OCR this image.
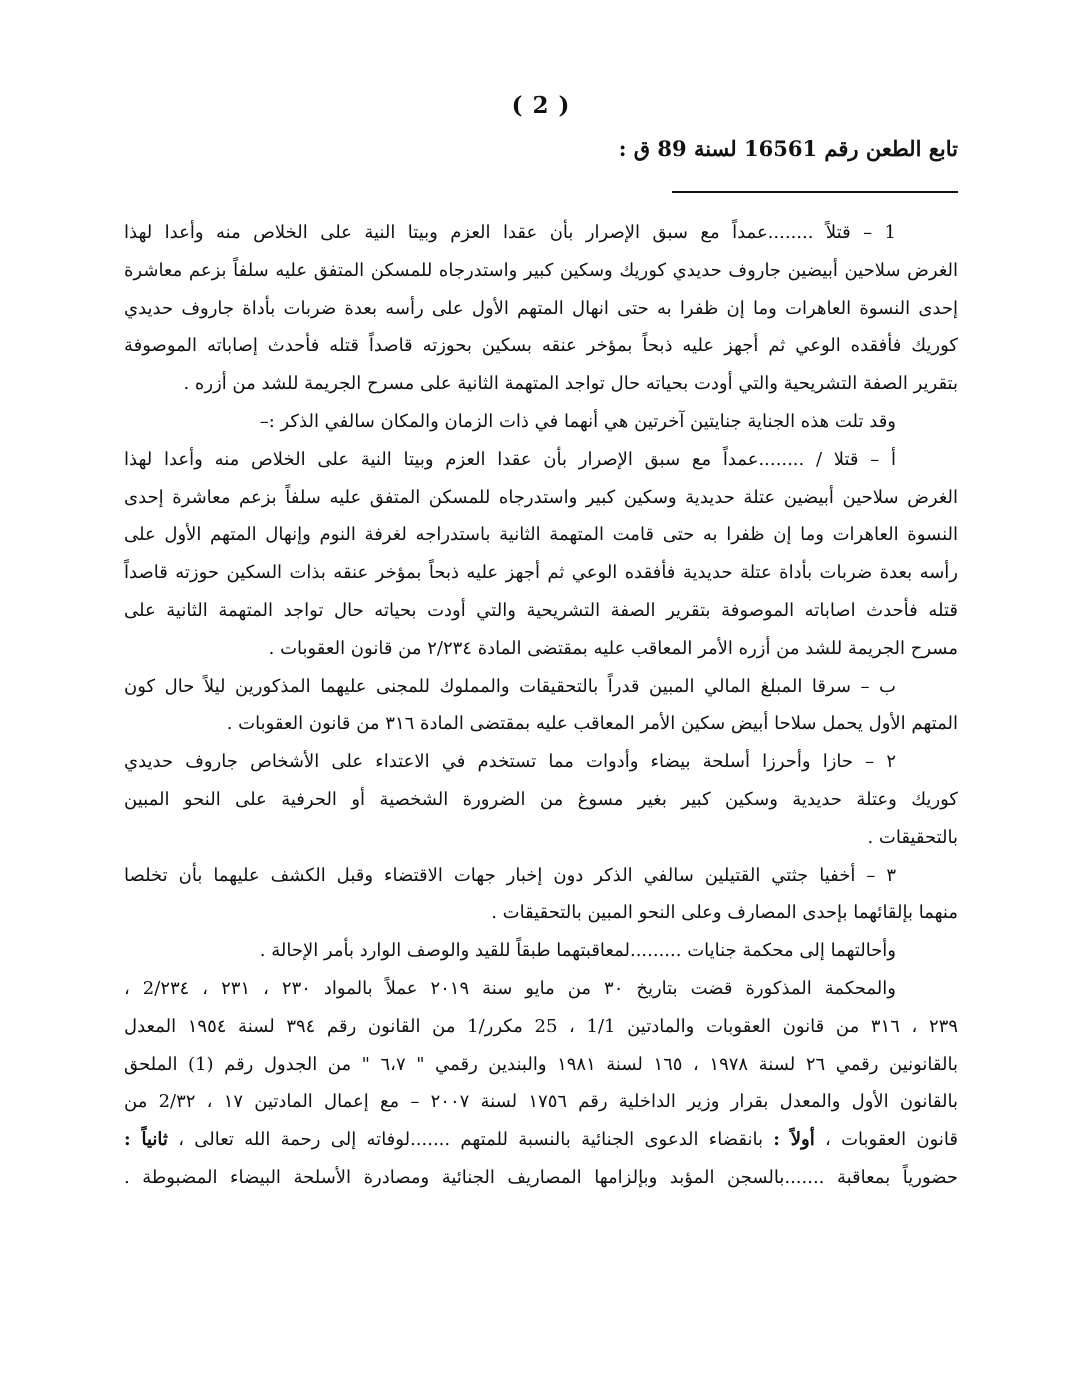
( 2 )
تابع الطعن رقم 16561 لسنة 89 ق :
1 – قتلاً ........عمداً مع سبق الإصرار بأن عقدا العزم وبيتا النية على الخلاص منه وأعدا لهذا
الغرض سلاحين أبيضين جاروف حديدي كوريك وسكين كبير واستدرجاه للمسكن المتفق عليه سلفاً بزعم معاشرة
إحدى النسوة العاهرات وما إن ظفرا به حتى انهال المتهم الأول على رأسه بعدة ضربات بأداة جاروف حديدي
كوريك فأفقده الوعي ثم أجهز عليه ذبحاً بمؤخر عنقه بسكين بحوزته قاصداً قتله فأحدث إصاباته الموصوفة
بتقرير الصفة التشريحية والتي أودت بحياته حال تواجد المتهمة الثانية على مسرح الجريمة للشد من أزره .
وقد تلت هذه الجناية جنايتين آخرتين هي أنهما في ذات الزمان والمكان سالفي الذكر :–
أ – قتلا / ........عمداً مع سبق الإصرار بأن عقدا العزم وبيتا النية على الخلاص منه وأعدا لهذا
الغرض سلاحين أبيضين عتلة حديدية وسكين كبير واستدرجاه للمسكن المتفق عليه سلفاً بزعم معاشرة إحدى
النسوة العاهرات وما إن ظفرا به حتى قامت المتهمة الثانية باستدراجه لغرفة النوم وإنهال المتهم الأول على
رأسه بعدة ضربات بأداة عتلة حديدية فأفقده الوعي ثم أجهز عليه ذبحاً بمؤخر عنقه بذات السكين حوزته قاصداً
قتله فأحدث اصاباته الموصوفة بتقرير الصفة التشريحية والتي أودت بحياته حال تواجد المتهمة الثانية على
مسرح الجريمة للشد من أزره الأمر المعاقب عليه بمقتضى المادة ٢/٢٣٤ من قانون العقوبات .
ب – سرقا المبلغ المالي المبين قدراً بالتحقيقات والمملوك للمجنى عليهما المذكورين ليلاً حال كون
المتهم الأول يحمل سلاحا أبيض سكين الأمر المعاقب عليه بمقتضى المادة ٣١٦ من قانون العقوبات .
٢ – حازا وأحرزا أسلحة بيضاء وأدوات مما تستخدم في الاعتداء على الأشخاص جاروف حديدي
كوريك وعتلة حديدية وسكين كبير بغير مسوغ من الضرورة الشخصية أو الحرفية على النحو المبين
بالتحقيقات .
٣ – أخفيا جثتي القتيلين سالفي الذكر دون إخبار جهات الاقتضاء وقبل الكشف عليهما بأن تخلصا
منهما بإلقائهما بإحدى المصارف وعلى النحو المبين بالتحقيقات .
وأحالتهما إلى محكمة جنايات .........لمعاقبتهما طبقاً للقيد والوصف الوارد بأمر الإحالة .
والمحكمة المذكورة قضت بتاريخ ٣٠ من مايو سنة ٢٠١٩ عملاً بالمواد ٢٣٠ ، ٢٣١ ، 2/٢٣٤ ،
٢٣٩ ، ٣١٦ من قانون العقوبات والمادتين 1/1 ، 25 مكرر/1 من القانون رقم ٣٩٤ لسنة ١٩٥٤ المعدل
بالقانونين رقمي ٢٦ لسنة ١٩٧٨ ، ١٦٥ لسنة ١٩٨١ والبندين رقمي " ٦،٧ " من الجدول رقم (1) الملحق
بالقانون الأول والمعدل بقرار وزير الداخلية رقم ١٧٥٦ لسنة ٢٠٠٧ – مع إعمال المادتين ١٧ ، 2/٣٢ من
قانون العقوبات ، أولاً : بانقضاء الدعوى الجنائية بالنسبة للمتهم .......لوفاته إلى رحمة الله تعالى ، ثانياً :
حضورياً بمعاقبة .......بالسجن المؤبد وبإلزامها المصاريف الجنائية ومصادرة الأسلحة البيضاء المضبوطة .
